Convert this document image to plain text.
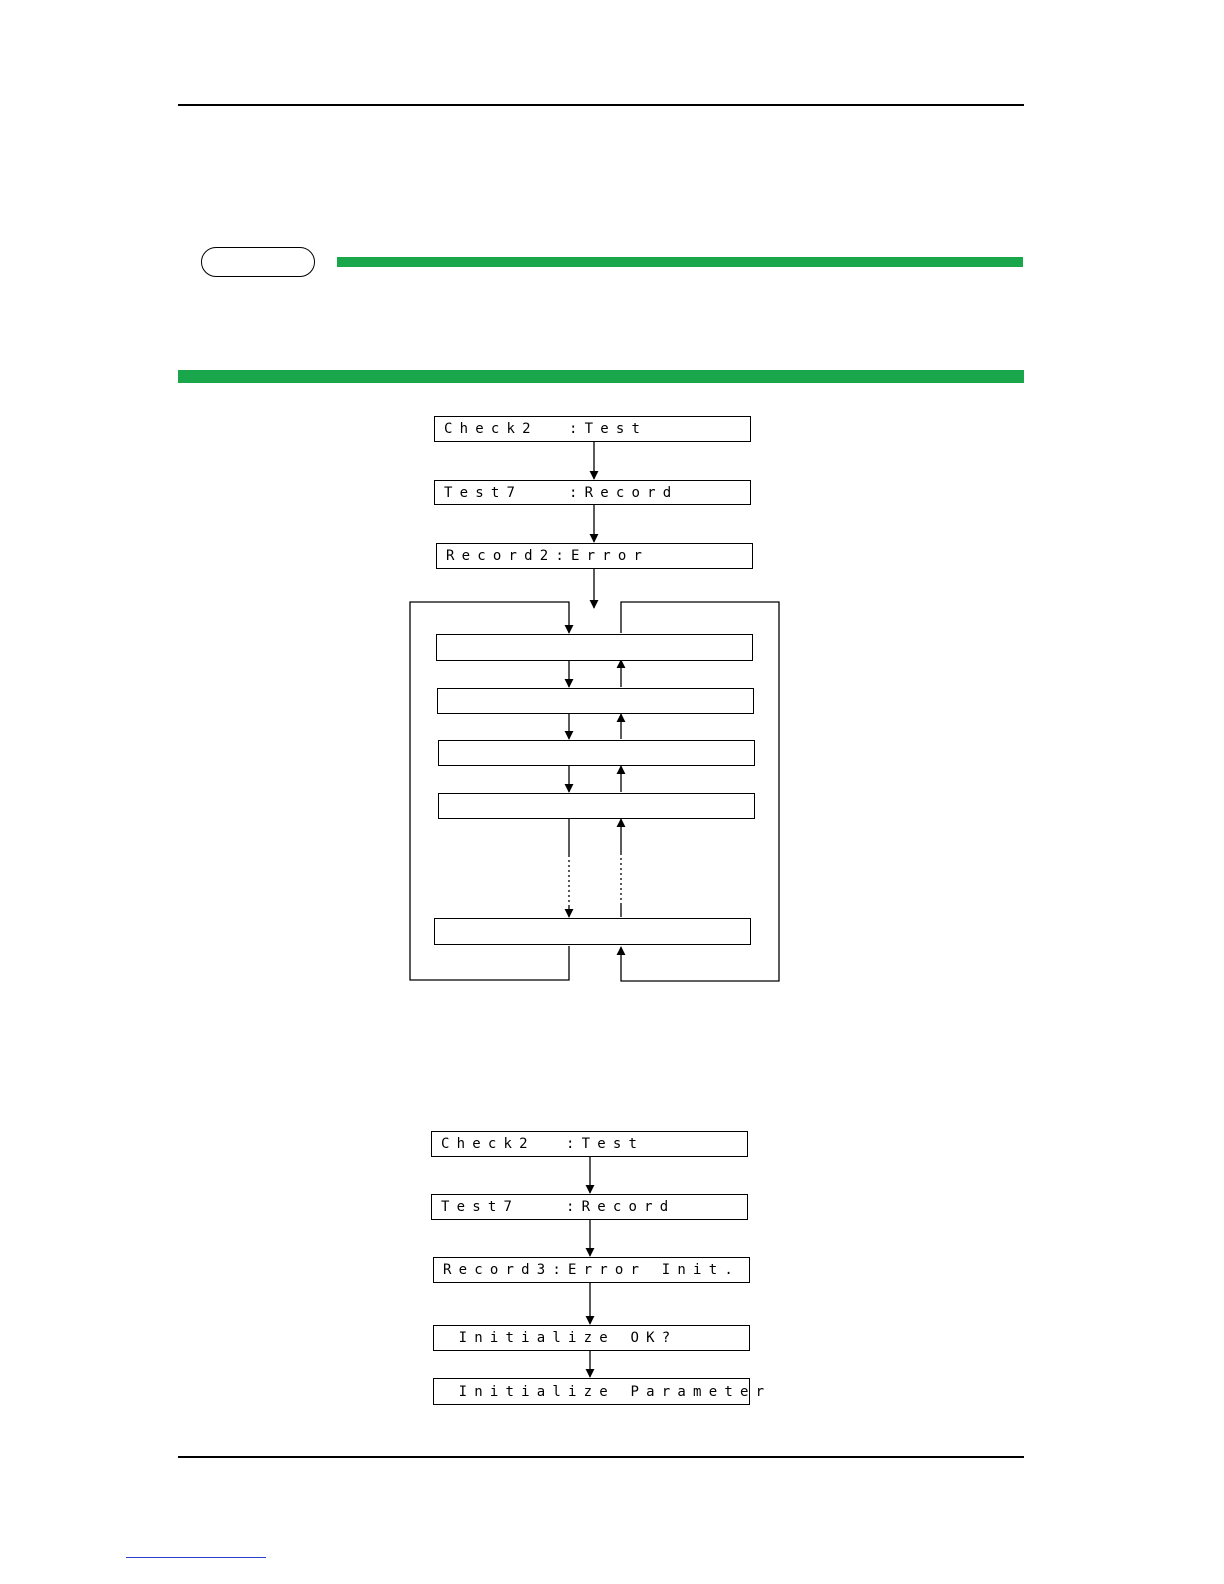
Check2  :Test
Test7   :Record
Record2:Error
Check2  :Test
Test7   :Record
Record3:Error Init.
Initialize OK?
Initialize Parameter
